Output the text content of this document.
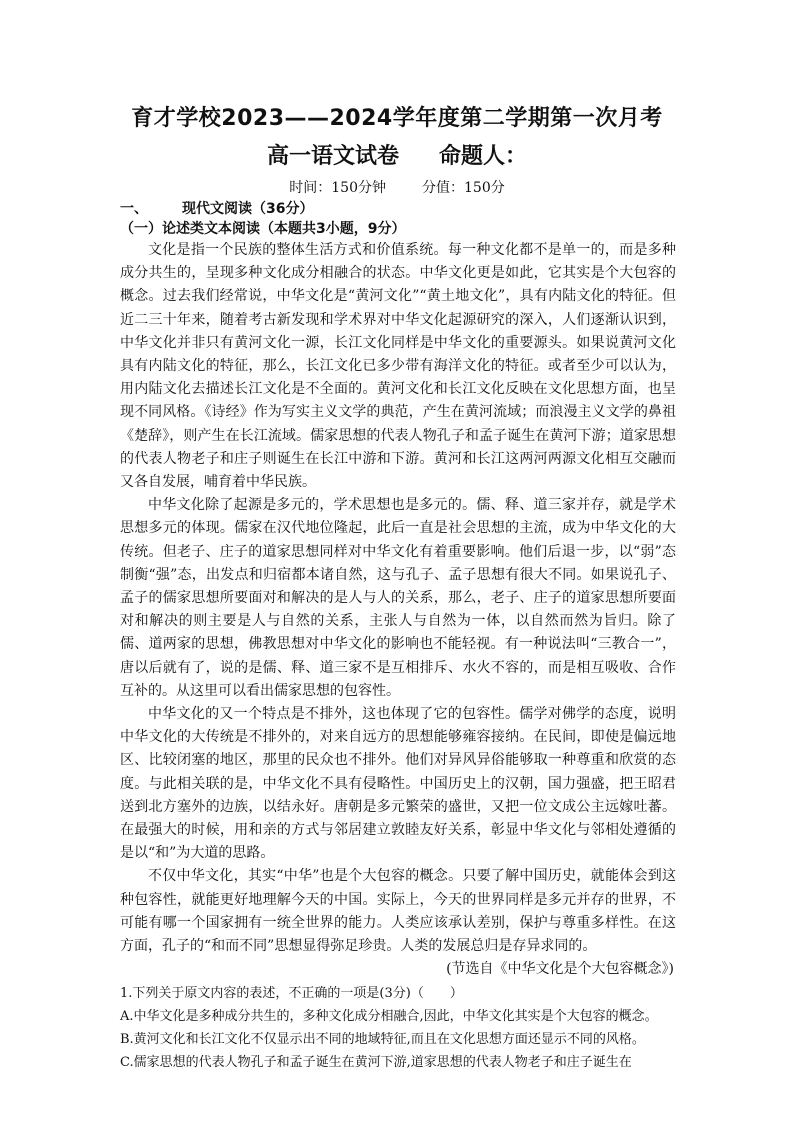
育才学校2023——2024学年度第二学期第一次月考
高一语文试卷 命题人：
时间：150分钟	分值：150分
一、 现代文阅读（36分）
（一）论述类文本阅读（本题共3小题，9分）

文化是指一个民族的整体生活方式和价值系统。每一种文化都不是单一的，而是多种成分共生的，呈现多种文化成分相融合的状态。中华文化更是如此，它其实是个大包容的概念。过去我们经常说，中华文化是“黄河文化”“黄土地文化”，具有内陆文化的特征。但近二三十年来，随着考古新发现和学术界对中华文化起源研究的深入，人们逐渐认识到，中华文化并非只有黄河文化一源，长江文化同样是中华文化的重要源头。如果说黄河文化具有内陆文化的特征，那么，长江文化已多少带有海洋文化的特征。或者至少可以认为，用内陆文化去描述长江文化是不全面的。黄河文化和长江文化反映在文化思想方面，也呈现不同风格。《诗经》作为写实主义文学的典范，产生在黄河流域；而浪漫主义文学的鼻祖《楚辞》，则产生在长江流域。儒家思想的代表人物孔子和孟子诞生在黄河下游；道家思想的代表人物老子和庄子则诞生在长江中游和下游。黄河和长江这两河两源文化相互交融而又各自发展，哺育着中华民族。

中华文化除了起源是多元的，学术思想也是多元的。儒、释、道三家并存，就是学术思想多元的体现。儒家在汉代地位隆起，此后一直是社会思想的主流，成为中华文化的大传统。但老子、庄子的道家思想同样对中华文化有着重要影响。他们后退一步，以“弱”态制衡“强”态，出发点和归宿都本诸自然，这与孔子、孟子思想有很大不同。如果说孔子、孟子的儒家思想所要面对和解决的是人与人的关系，那么，老子、庄子的道家思想所要面对和解决的则主要是人与自然的关系，主张人与自然为一体，以自然而然为旨归。除了儒、道两家的思想，佛教思想对中华文化的影响也不能轻视。有一种说法叫“三教合一”，唐以后就有了，说的是儒、释、道三家不是互相排斥、水火不容的，而是相互吸收、合作互补的。从这里可以看出儒家思想的包容性。

中华文化的又一个特点是不排外，这也体现了它的包容性。儒学对佛学的态度，说明中华文化的大传统是不排外的，对来自远方的思想能够雍容接纳。在民间，即使是偏远地区、比较闭塞的地区，那里的民众也不排外。他们对异风异俗能够取一种尊重和欣赏的态度。与此相关联的是，中华文化不具有侵略性。中国历史上的汉朝，国力强盛，把王昭君送到北方塞外的边族，以结永好。唐朝是多元繁荣的盛世，又把一位文成公主远嫁吐蕃。在最强大的时候，用和亲的方式与邻居建立敦睦友好关系，彰显中华文化与邻相处遵循的是以“和”为大道的思路。

不仅中华文化，其实“中华”也是个大包容的概念。只要了解中国历史，就能体会到这种包容性，就能更好地理解今天的中国。实际上，今天的世界同样是多元并存的世界，不可能有哪一个国家拥有一统全世界的能力。人类应该承认差别，保护与尊重多样性。在这方面，孔子的“和而不同”思想显得弥足珍贵。人类的发展总归是存异求同的。

(节选自《中华文化是个大包容概念》)
1.下列关于原文内容的表述，不正确的一项是(3分)（　　）
A.中华文化是多种成分共生的，多种文化成分相融合,因此，中华文化其实是个大包容的概念。
B.黄河文化和长江文化不仅显示出不同的地域特征,而且在文化思想方面还显示不同的风格。
C.儒家思想的代表人物孔子和孟子诞生在黄河下游,道家思想的代表人物老子和庄子诞生在
